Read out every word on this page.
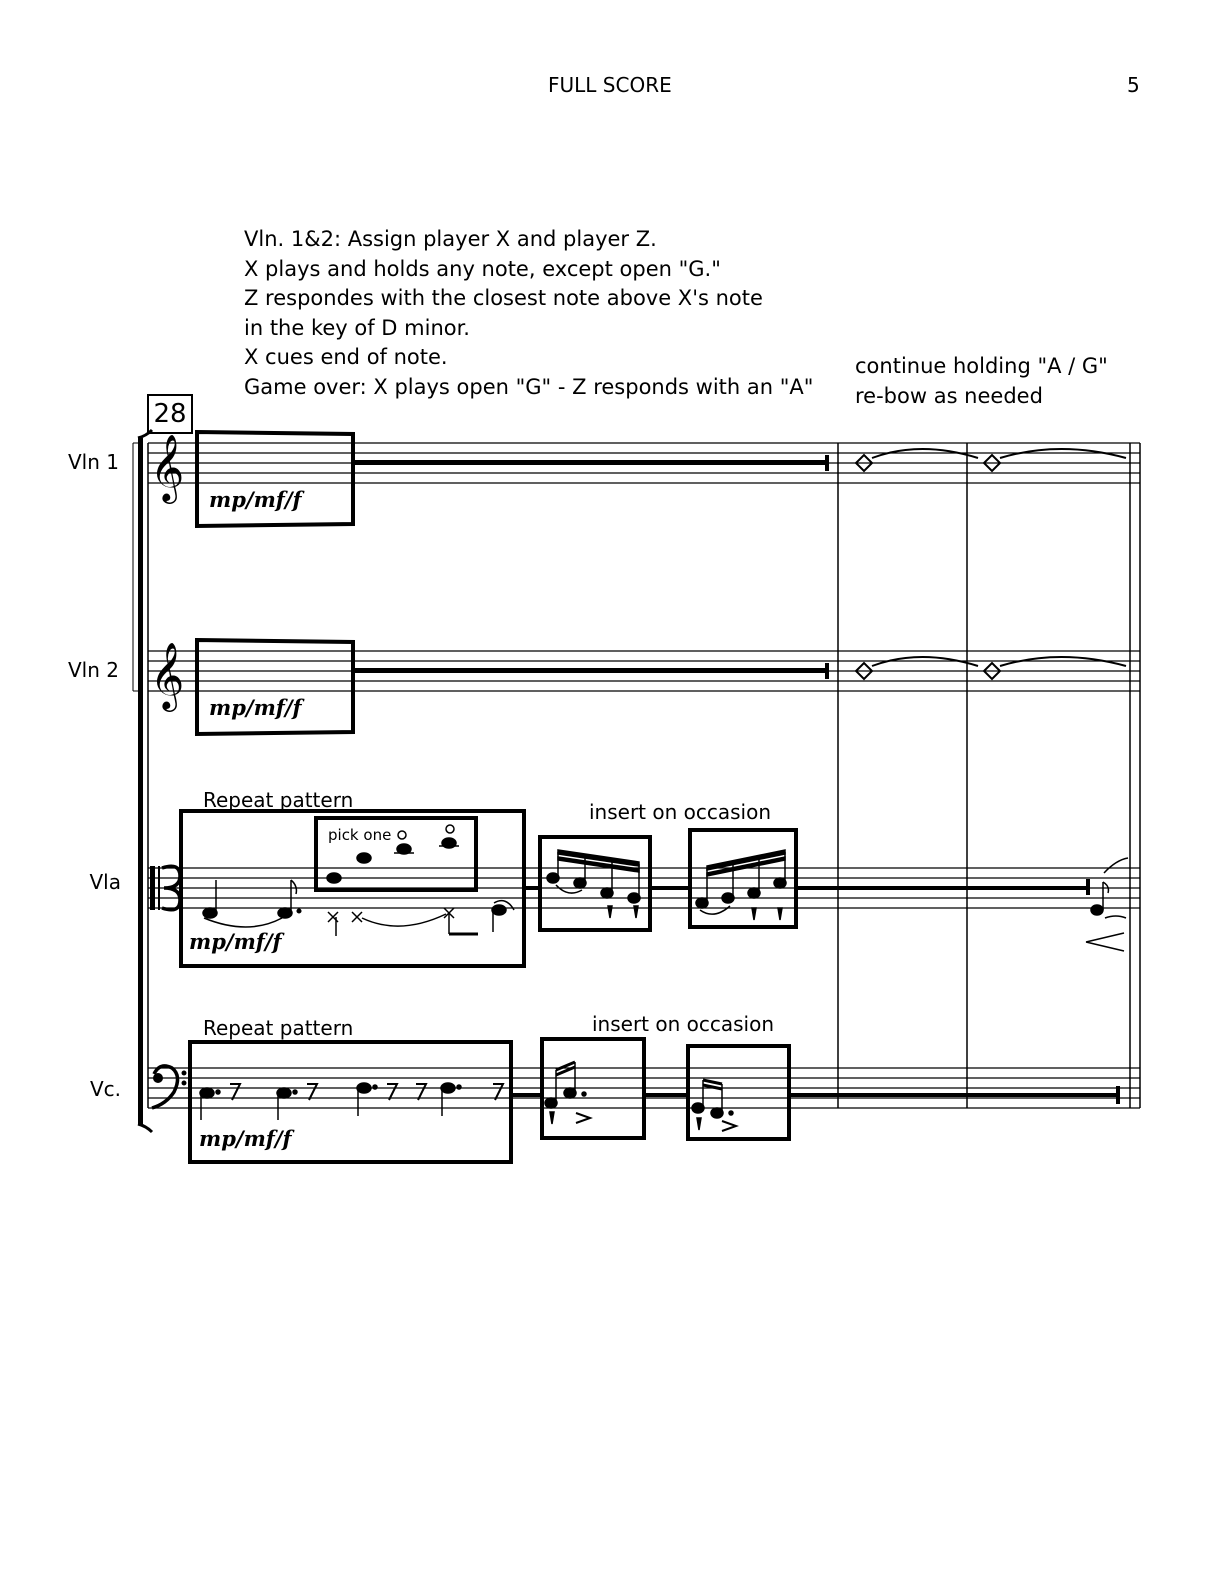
FULL SCORE	5
Vln. 1&2: Assign player X and player Z.
X plays and holds any note, except open "G."
Z respondes with the closest note above X's note
in the key of D minor.
X cues end of note.
Game over: X plays open "G" - Z responds with an "A"
continue holding "A / G"
re-bow as needed
28
Vln 1
Vln 2
Vla
Vc.
Repeat pattern	insert on occasion
pick one
Repeat pattern	insert on occasion
mp/mf/f
mp/mf/f
mp/mf/f
mp/mf/f
𝄞
𝄞
